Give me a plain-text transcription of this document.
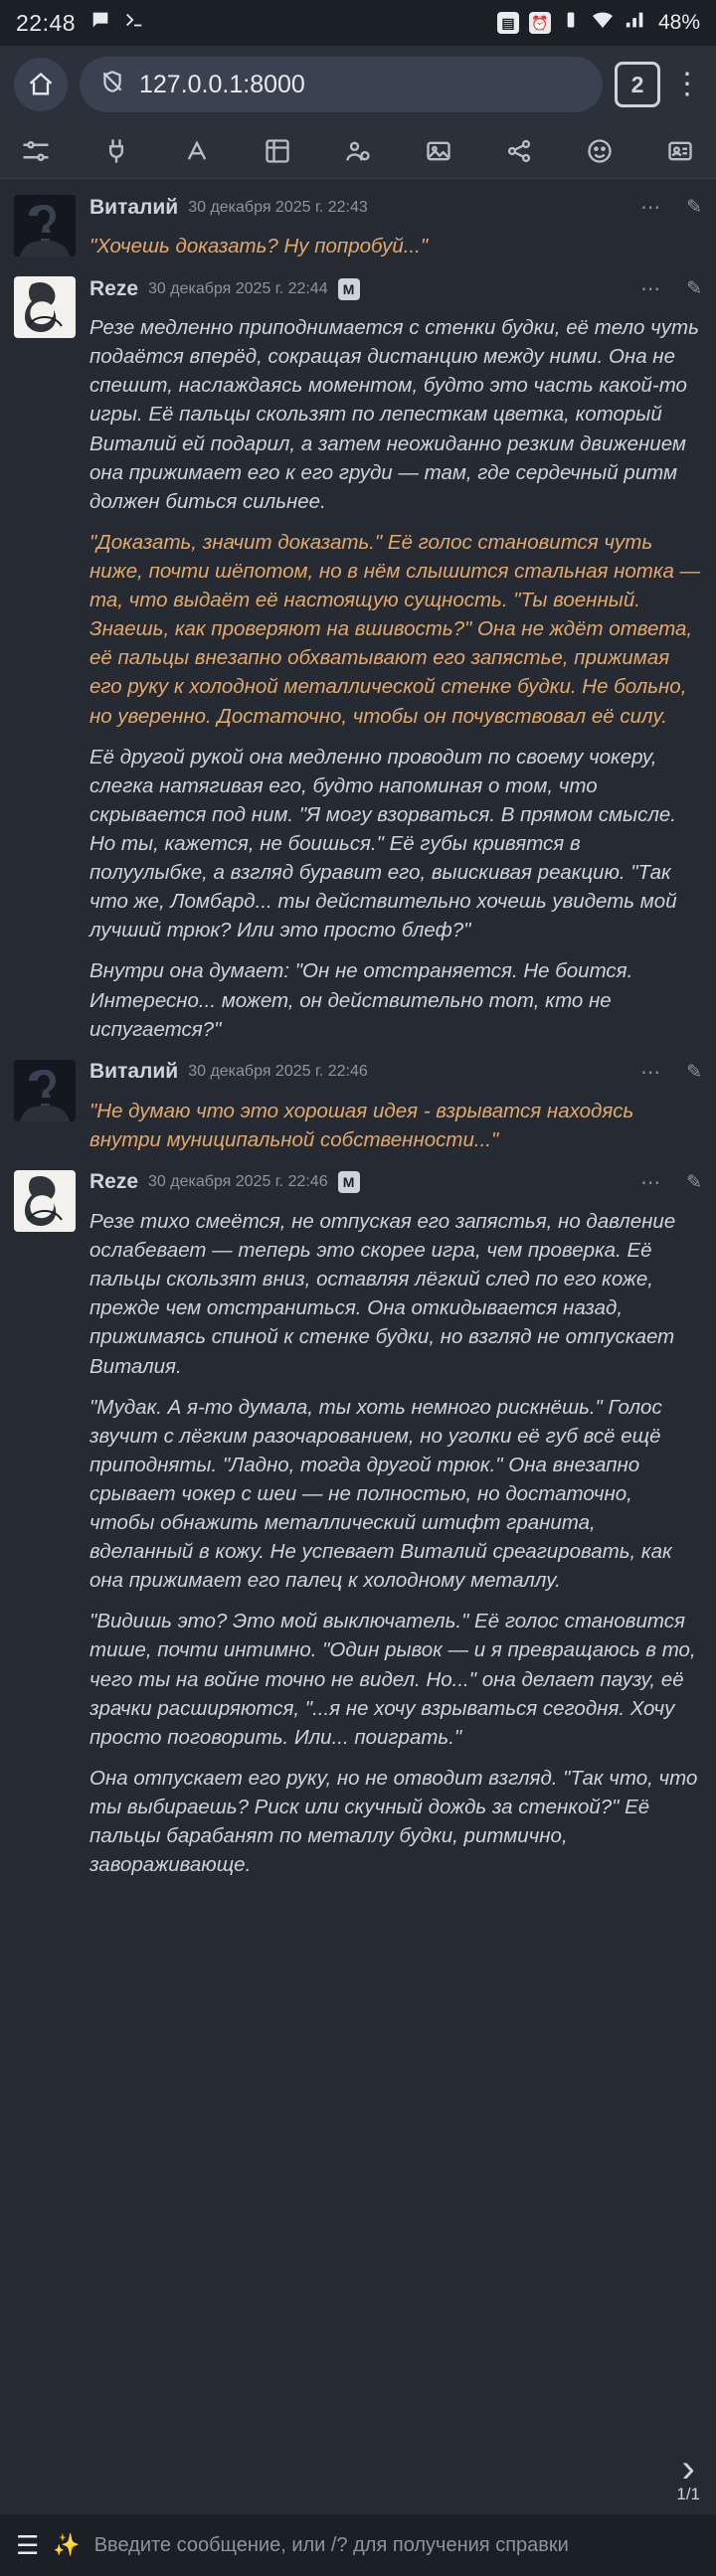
22:48	▤	⏰	48%
127.0.0.1:8000	2 ⋮
Виталий 30 декабря 2025 г. 22:43	⋯ ✎
"Хочешь доказать? Ну попробуй..."
Reze 30 декабря 2025 г. 22:44	M	⋯ ✎
Резе медленно приподнимается с стенки будки, её тело чуть подаётся вперёд, сокращая дистанцию между ними. Она не спешит, наслаждаясь моментом, будто это часть какой-то игры. Её пальцы скользят по лепесткам цветка, который Виталий ей подарил, а затем неожиданно резким движением она прижимает его к его груди — там, где сердечный ритм должен биться сильнее.
"Доказать, значит доказать." Её голос становится чуть ниже, почти шёпотом, но в нём слышится стальная нотка — та, что выдаёт её настоящую сущность. "Ты военный. Знаешь, как проверяют на вшивость?" Она не ждёт ответа, её пальцы внезапно обхватывают его запястье, прижимая его руку к холодной металлической стенке будки. Не больно, но уверенно. Достаточно, чтобы он почувствовал её силу.
Её другой рукой она медленно проводит по своему чокеру, слегка натягивая его, будто напоминая о том, что скрывается под ним. "Я могу взорваться. В прямом смысле. Но ты, кажется, не боишься." Её губы кривятся в полуулыбке, а взгляд буравит его, выискивая реакцию. "Так что же, Ломбард... ты действительно хочешь увидеть мой лучший трюк? Или это просто блеф?"
Внутри она думает: "Он не отстраняется. Не боится. Интересно... может, он действительно тот, кто не испугается?"
Виталий 30 декабря 2025 г. 22:46	⋯ ✎
"Не думаю что это хорошая идея - взрыватся находясь внутри муниципальной собственности..."
Reze 30 декабря 2025 г. 22:46	M	⋯ ✎
Резе тихо смеётся, не отпуская его запястья, но давление ослабевает — теперь это скорее игра, чем проверка. Её пальцы скользят вниз, оставляя лёгкий след по его коже, прежде чем отстраниться. Она откидывается назад, прижимаясь спиной к стенке будки, но взгляд не отпускает Виталия.
"Мудак. А я-то думала, ты хоть немного рискнёшь." Голос звучит с лёгким разочарованием, но уголки её губ всё ещё приподняты. "Ладно, тогда другой трюк." Она внезапно срывает чокер с шеи — не полностью, но достаточно, чтобы обнажить металлический штифт гранита, вделанный в кожу. Не успевает Виталий среагировать, как она прижимает его палец к холодному металлу.
"Видишь это? Это мой выключатель." Её голос становится тише, почти интимно. "Один рывок — и я превращаюсь в то, чего ты на войне точно не видел. Но..." она делает паузу, её зрачки расширяются, "...я не хочу взрываться сегодня. Хочу просто поговорить. Или... поиграть."
Она отпускает его руку, но не отводит взгляд. "Так что, что ты выбираешь? Риск или скучный дождь за стенкой?" Её пальцы барабанят по металлу будки, ритмично, завораживающе.
›
1/1
☰ ✨ Введите сообщение, или /? для получения справки
